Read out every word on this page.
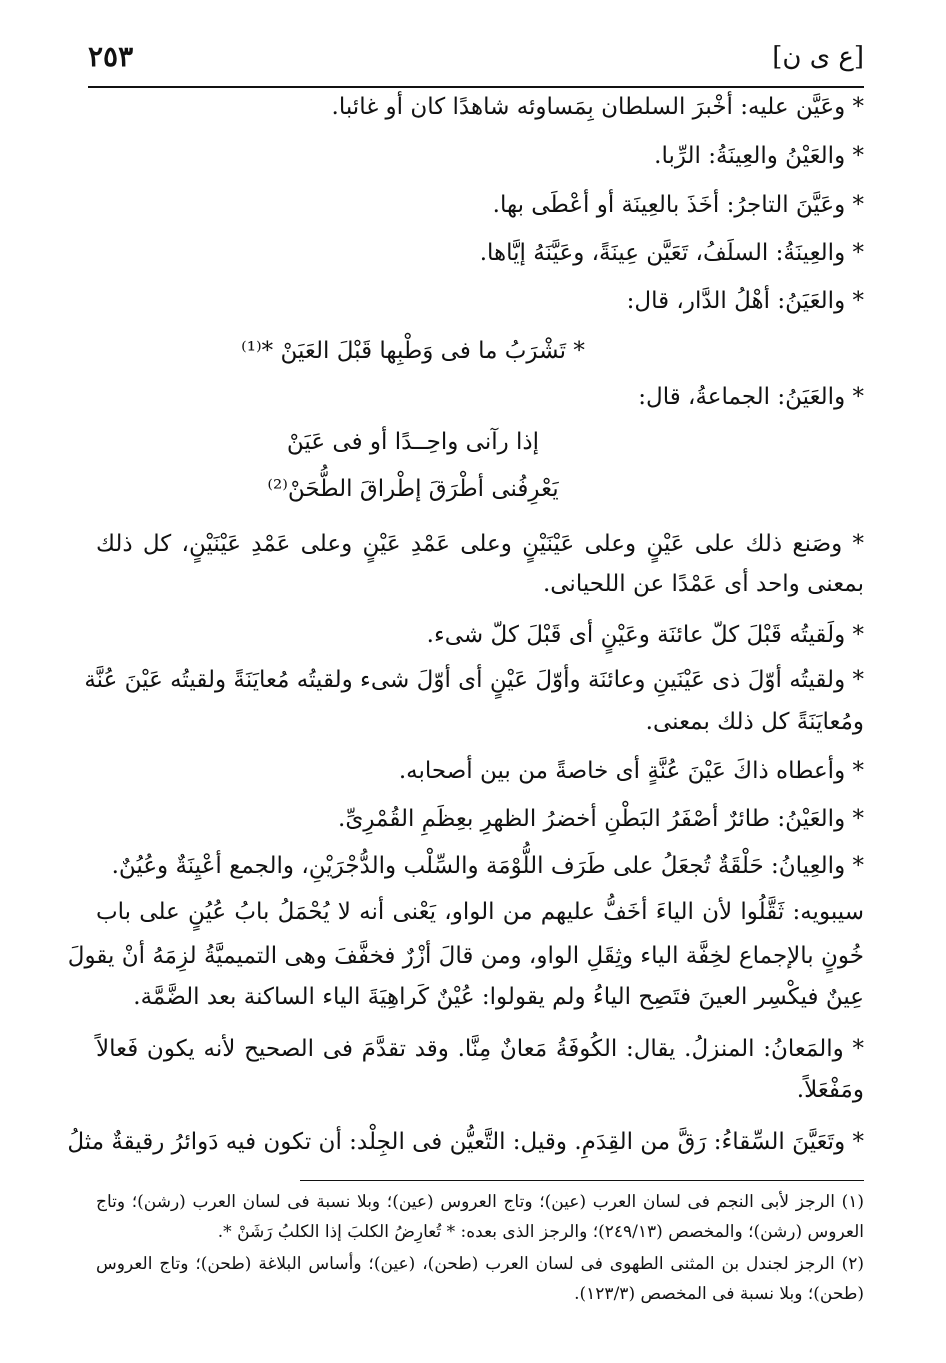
[ع ى ن]
٢٥٣
* وعَيَّن عليه: أخْبرَ السلطان بِمَساوئه شاهدًا كان أو غائبا.
* والعَيْنُ والعِينَةُ: الرِّبا.
* وعَيَّنَ التاجرُ: أخَذَ بالعِينَة أو أعْطَى بها.
* والعِينَةُ: السلَفُ، تَعَيَّن عِينَةً، وعَيَّنَهُ إيَّاها.
* والعَيَنُ: أهْلُ الدَّار، قال:
* تَشْرَبُ ما فى وَطْبِها قَبْلَ العَيَنْ *⁽¹⁾
* والعَيَنُ: الجماعةُ، قال:
إذا رآنى واحِــدًا أو فى عَيَنْ
يَعْرِفُنى أطْرَقَ إطْراقَ الطُّحَنْ⁽²⁾
* وصَنع ذلك على عَيْنٍ وعلى عَيْنَيْنٍ وعلى عَمْدِ عَيْنٍ وعلى عَمْدِ عَيْنَيْنٍ، كل ذلك
بمعنى واحد أى عَمْدًا عن اللحيانى.
* ولَقيتُه قَبْلَ كلّ عائنَة وعَيْنٍ أى قَبْلَ كلّ شىء.
* ولقيتُه أوّلَ ذى عَيْنَينِ وعائنَة وأوّلَ عَيْنٍ أى أوّلَ شىء ولقيتُه مُعايَنَةً ولقيتُه عَيْنَ عُنَّة
ومُعايَنَةً كل ذلك بمعنى.
* وأعطاه ذاكَ عَيْنَ عُنَّةٍ أى خاصةً من بين أصحابه.
* والعَيْنُ: طائرٌ أصْفَرُ البَطْنِ أخضرُ الظهرِ بعِظَمِ القُمْرِىِّ.
* والعِيانُ: حَلْقَةٌ تُجعَلُ على طَرَف اللُّوْمَة والسِّلْب والدُّجْرَيْنِ، والجمع أعْيِنَةٌ وعُيُنٌ.
سيبويه: ثَقَّلُوا لأن الياءَ أخَفُّ عليهم من الواو، يَعْنى أنه لا يُحْمَلُ بابُ عُيُنٍ على باب
خُونٍ بالإجماع لخِفَّة الياء وثِقَلِ الواو، ومن قالَ أزْرٌ فخفَّفَ وهى التميميَّةُ لزِمَهُ أنْ يقولَ
عِينٌ فيكْسِر العينَ فتَصِح الياءُ ولم يقولوا: عُيْنٌ كَراهِيَةَ الياء الساكنة بعد الضَّمَّة.
* والمَعانُ: المنزلُ. يقال: الكُوفَةُ مَعانٌ مِنَّا. وقد تقدَّمَ فى الصحيح لأنه يكون فَعالاً
ومَفْعَلاً.
* وتَعَيَّنَ السِّقاءُ: رَقَّ من القِدَمِ. وقيل: التَّعيُّن فى الجِلْد: أن تكون فيه دَوائرُ رقيقةٌ مثلُ
(١) الرجز لأبى النجم فى لسان العرب (عين)؛ وتاج العروس (عين)؛ وبلا نسبة فى لسان العرب (رشن)؛ وتاج
العروس (رشن)؛ والمخصص (٢٤٩/١٣)؛ والرجز الذى بعده: * تُعارِضُ الكلبَ إذا الكلبُ رَشَنْ *.
(٢) الرجز لجندل بن المثنى الطهوى فى لسان العرب (طحن)، (عين)؛ وأساس البلاغة (طحن)؛ وتاج العروس
(طحن)؛ وبلا نسبة فى المخصص (١٢٣/٣).
